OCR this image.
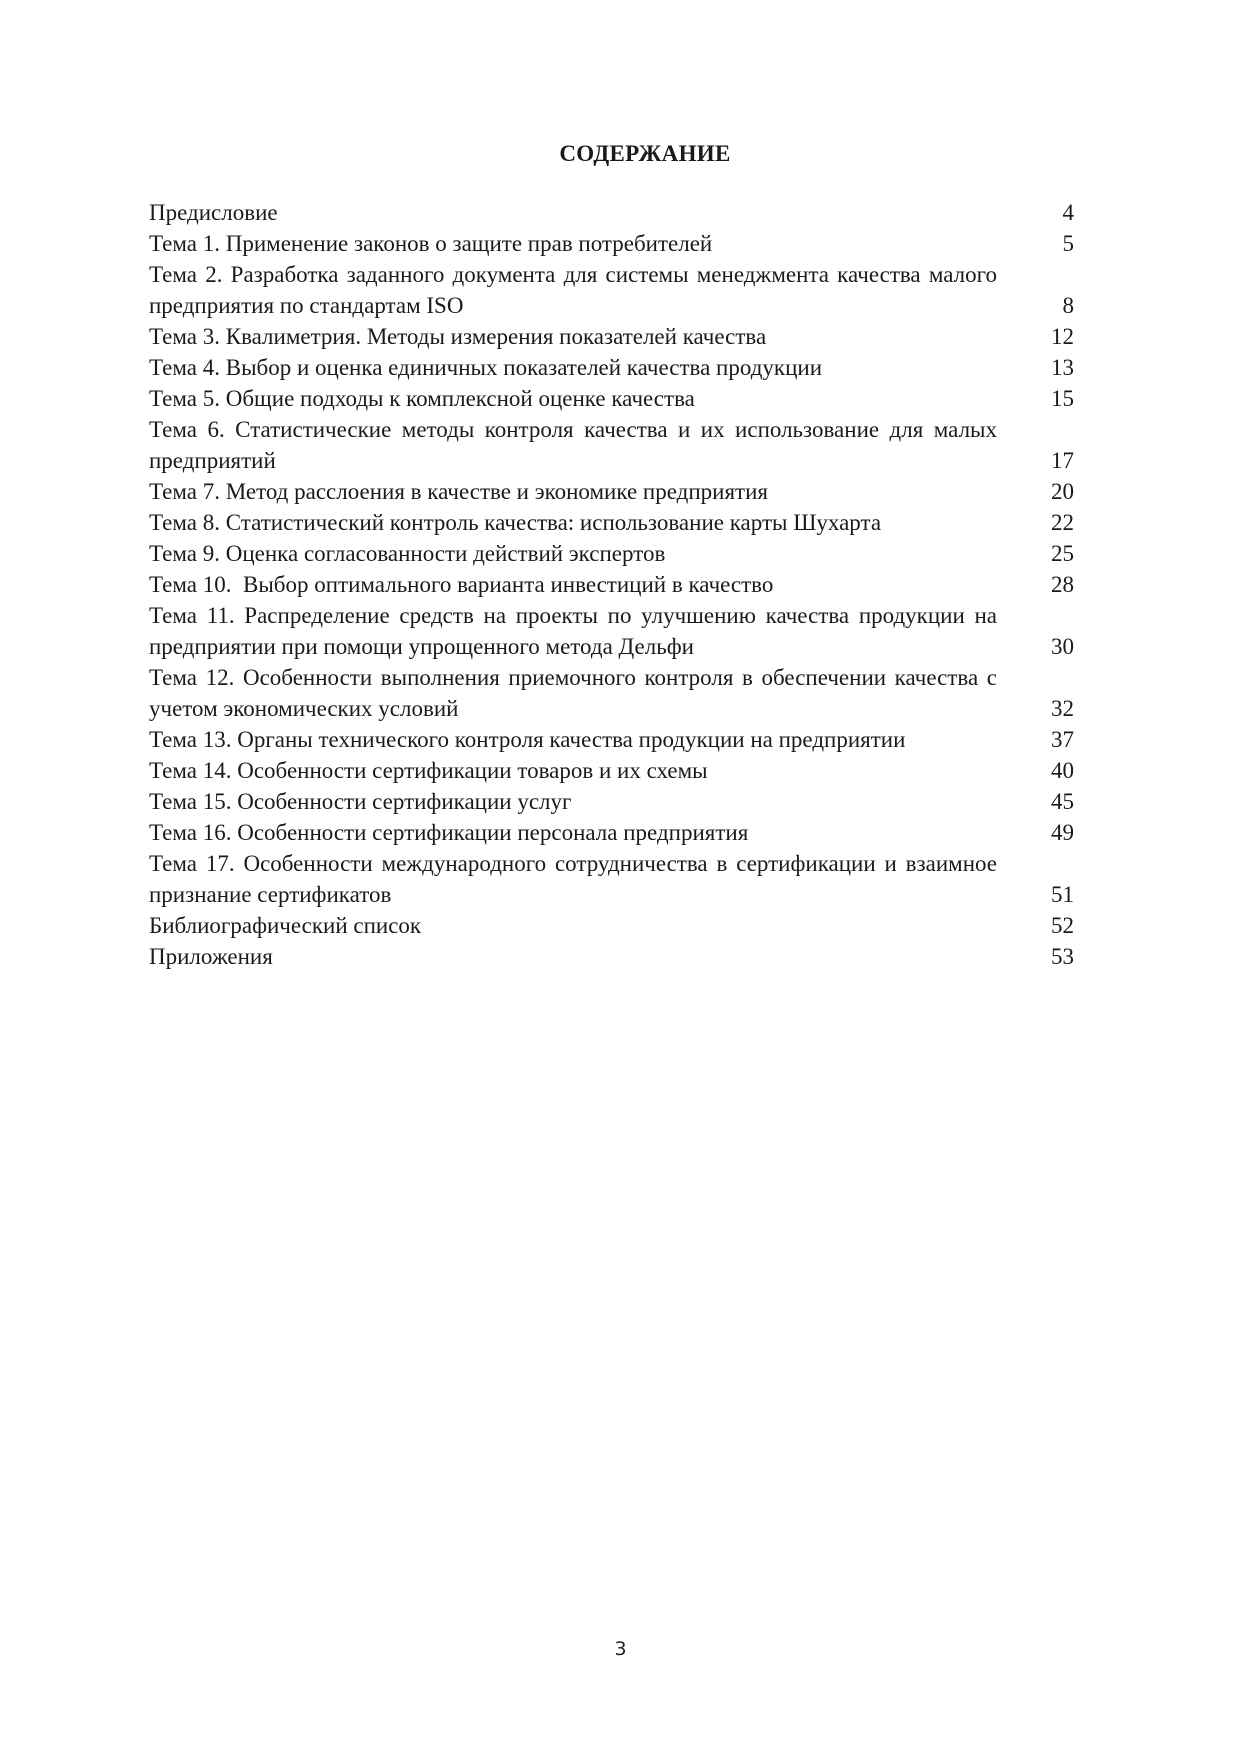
СОДЕРЖАНИЕ
Предисловие	4
Тема 1. Применение законов о защите прав потребителей	5
Тема 2. Разработка заданного документа для системы менеджмента качества малого предприятия по стандартам ISO	8
Тема 3. Квалиметрия. Методы измерения показателей качества	12
Тема 4. Выбор и оценка единичных показателей качества продукции	13
Тема 5. Общие подходы к комплексной оценке качества	15
Тема 6. Статистические методы контроля качества и их использование для малых предприятий	17
Тема 7. Метод расслоения в качестве и экономике предприятия	20
Тема 8. Статистический контроль качества: использование карты Шухарта	22
Тема 9. Оценка согласованности действий экспертов	25
Тема 10.  Выбор оптимального варианта инвестиций в качество	28
Тема 11. Распределение средств на проекты по улучшению качества продукции на предприятии при помощи упрощенного метода Дельфи	30
Тема 12. Особенности выполнения приемочного контроля в обеспечении качества с учетом экономических условий	32
Тема 13. Органы технического контроля качества продукции на предприятии	37
Тема 14. Особенности сертификации товаров и их схемы	40
Тема 15. Особенности сертификации услуг	45
Тема 16. Особенности сертификации персонала предприятия	49
Тема 17. Особенности международного сотрудничества в сертификации и взаимное признание сертификатов	51
Библиографический список	52
Приложения	53
3
